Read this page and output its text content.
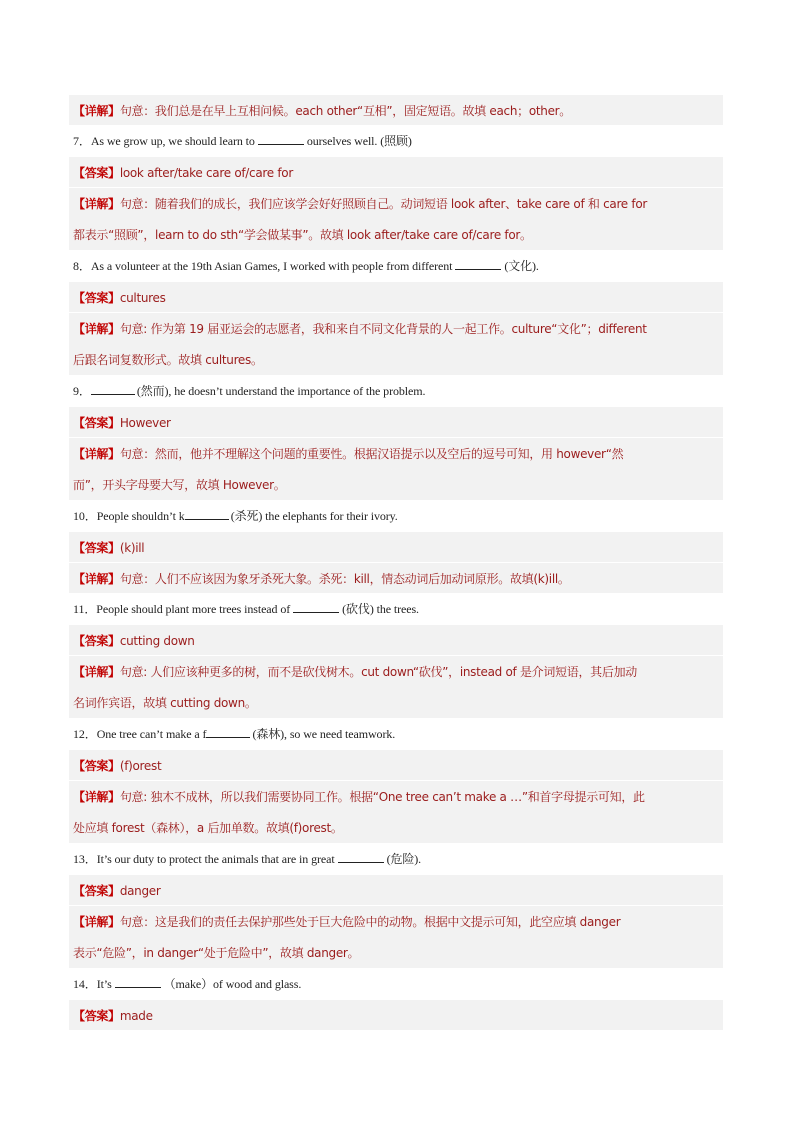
【详解】句意：我们总是在早上互相问候。each other“互相”，固定短语。故填 each；other。
7．As we grow up, we should learn to	ourselves well. (照顾)
【答案】look after/take care of/care for
【详解】句意：随着我们的成长，我们应该学会好好照顾自己。动词短语 look after、take care of 和 care for
都表示“照顾”，learn to do sth“学会做某事”。故填 look after/take care of/care for。
8．As a volunteer at the 19th Asian Games, I worked with people from different	(文化).
【答案】cultures
【详解】句意: 作为第 19 届亚运会的志愿者，我和来自不同文化背景的人一起工作。culture“文化”；different
后跟名词复数形式。故填 cultures。
9．	(然而), he doesn’t understand the importance of the problem.
【答案】However
【详解】句意：然而，他并不理解这个问题的重要性。根据汉语提示以及空后的逗号可知，用 however“然
而”，开头字母要大写，故填 However。
10．People shouldn’t k	(杀死) the elephants for their ivory.
【答案】(k)ill
【详解】句意：人们不应该因为象牙杀死大象。杀死：kill，情态动词后加动词原形。故填(k)ill。
11．People should plant more trees instead of	(砍伐) the trees.
【答案】cutting down
【详解】句意: 人们应该种更多的树，而不是砍伐树木。cut down“砍伐”，instead of 是介词短语，其后加动
名词作宾语，故填 cutting down。
12．One tree can’t make a f	(森林), so we need teamwork.
【答案】(f)orest
【详解】句意: 独木不成林，所以我们需要协同工作。根据“One tree can’t make a …”和首字母提示可知，此
处应填 forest（森林），a 后加单数。故填(f)orest。
13．It’s our duty to protect the animals that are in great	(危险).
【答案】danger
【详解】句意：这是我们的责任去保护那些处于巨大危险中的动物。根据中文提示可知，此空应填 danger
表示“危险”，in danger“处于危险中”，故填 danger。
14．It’s	（make）of wood and glass.
【答案】made
